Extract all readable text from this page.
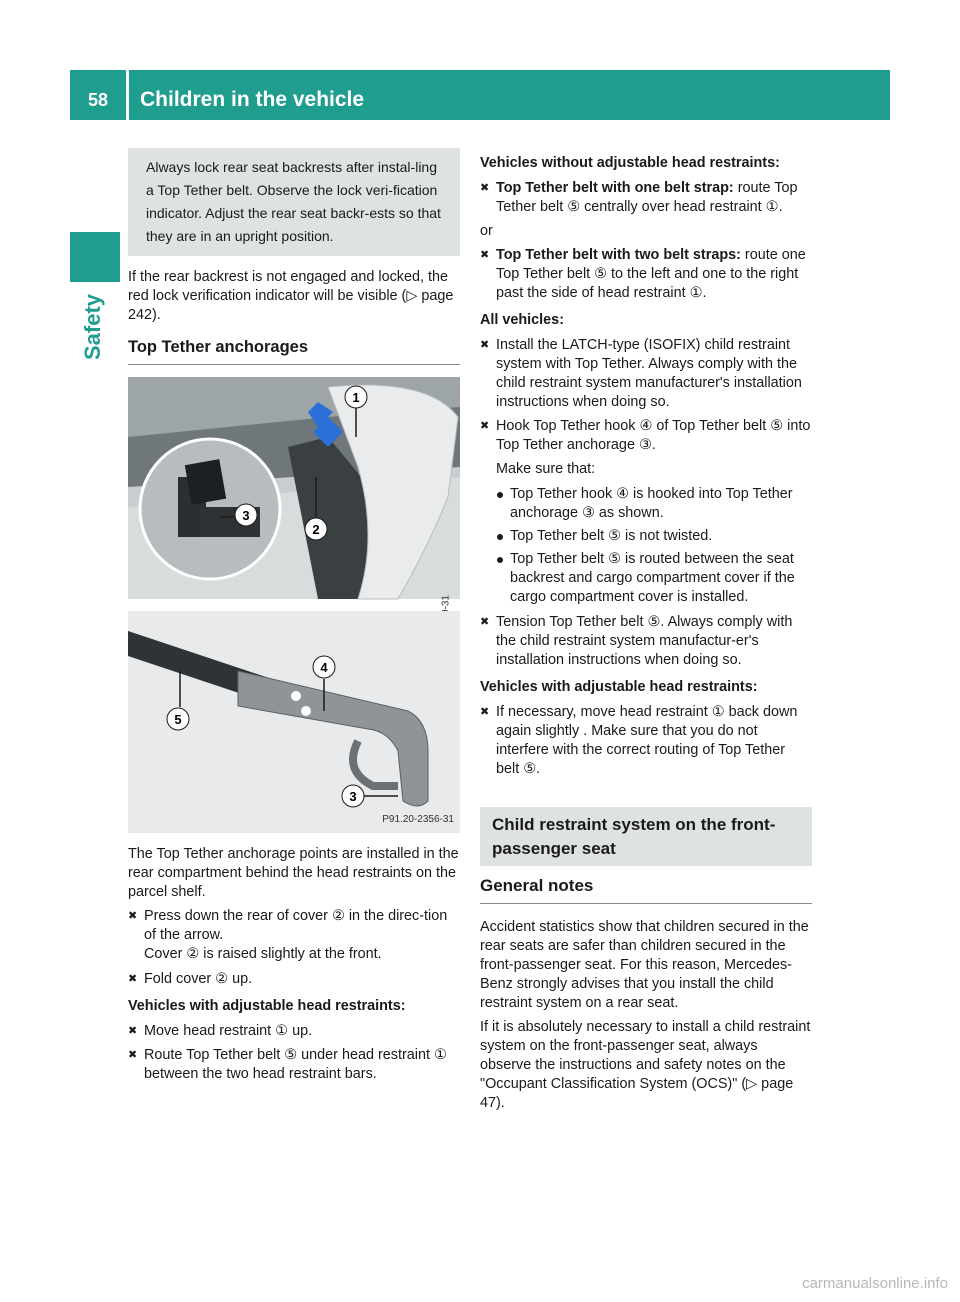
58	Children in the vehicle
Safety
Always lock rear seat backrests after instal-ling a Top Tether belt. Observe the lock veri-fication indicator. Adjust the rear seat backr-ests so that they are in an upright position.

If the rear backrest is not engaged and locked, the red lock verification indicator will be visible (▷ page 242).

Top Tether anchorages
1
2
3
5
4
3
P91.20-2356-31

The Top Tether anchorage points are installed in the rear compartment behind the head restraints on the parcel shelf.

✖ Press down the rear of cover ② in the direc-tion of the arrow.
Cover ② is raised slightly at the front.
✖ Fold cover ② up.
Vehicles with adjustable head restraints:
✖ Move head restraint ① up.
✖ Route Top Tether belt ⑤ under head restraint ① between the two head restraint bars.
Vehicles without adjustable head restraints:
✖ Top Tether belt with one belt strap: route Top Tether belt ⑤ centrally over head restraint ①.

or

✖ Top Tether belt with two belt straps: route one Top Tether belt ⑤ to the left and one to the right past the side of head restraint ①.
All vehicles:
✖ Install the LATCH-type (ISOFIX) child restraint system with Top Tether. Always comply with the child restraint system manufacturer's installation instructions when doing so.
✖ Hook Top Tether hook ④ of Top Tether belt ⑤ into Top Tether anchorage ③.
Make sure that:
Top Tether hook ④ is hooked into Top Tether anchorage ③ as shown.
Top Tether belt ⑤ is not twisted.
Top Tether belt ⑤ is routed between the seat backrest and cargo compartment cover if the cargo compartment cover is installed.
✖ Tension Top Tether belt ⑤. Always comply with the child restraint system manufactur-er's installation instructions when doing so.
Vehicles with adjustable head restraints:
✖ If necessary, move head restraint ① back down again slightly . Make sure that you do not interfere with the correct routing of Top Tether belt ⑤.
Child restraint system on the front-passenger seat
General notes

Accident statistics show that children secured in the rear seats are safer than children secured in the front-passenger seat. For this reason, Mercedes-Benz strongly advises that you install the child restraint system on a rear seat.

If it is absolutely necessary to install a child restraint system on the front-passenger seat, always observe the instructions and safety notes on the "Occupant Classification System (OCS)" (▷ page 47).

carmanualsonline.info
